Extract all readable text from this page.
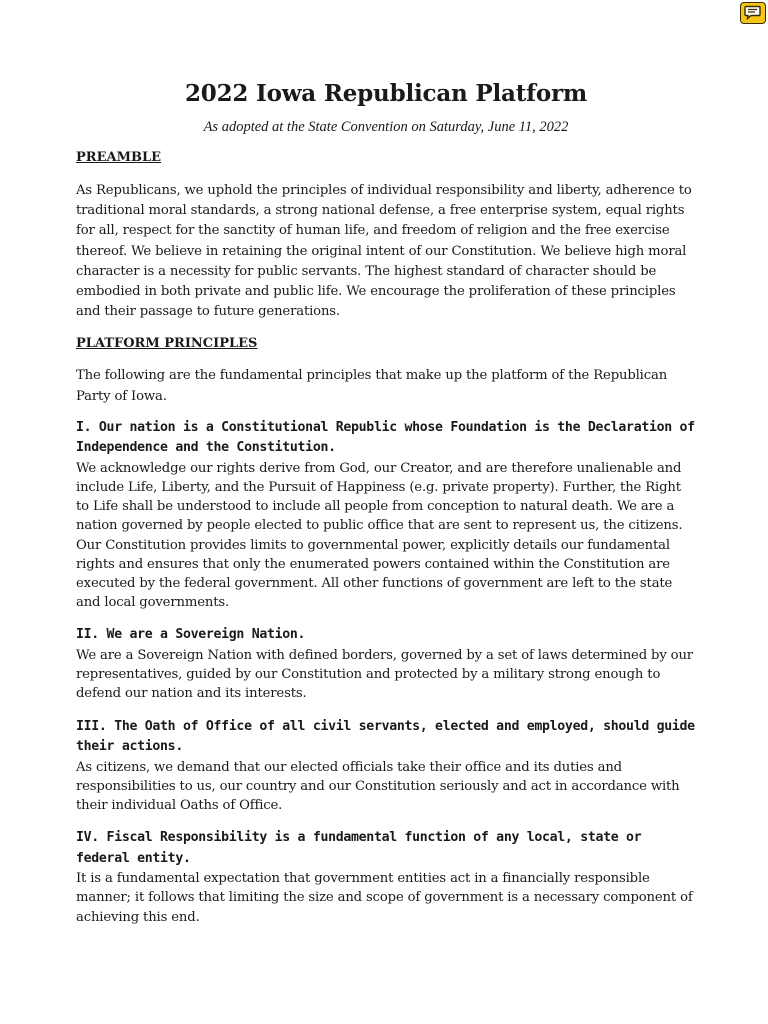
2022 Iowa Republican Platform

As adopted at the State Convention on Saturday, June 11, 2022

PREAMBLE

As Republicans, we uphold the principles of individual responsibility and liberty, adherence to traditional moral standards, a strong national defense, a free enterprise system, equal rights for all, respect for the sanctity of human life, and freedom of religion and the free exercise thereof. We believe in retaining the original intent of our Constitution. We believe high moral character is a necessity for public servants. The highest standard of character should be embodied in both private and public life. We encourage the proliferation of these principles and their passage to future generations.

PLATFORM PRINCIPLES

The following are the fundamental principles that make up the platform of the Republican Party of Iowa.

I. Our nation is a Constitutional Republic whose Foundation is the Declaration of Independence and the Constitution.

We acknowledge our rights derive from God, our Creator, and are therefore unalienable and include Life, Liberty, and the Pursuit of Happiness (e.g. private property). Further, the Right to Life shall be understood to include all people from conception to natural death. We are a nation governed by people elected to public office that are sent to represent us, the citizens. Our Constitution provides limits to governmental power, explicitly details our fundamental rights and ensures that only the enumerated powers contained within the Constitution are executed by the federal government. All other functions of government are left to the state and local governments.

II. We are a Sovereign Nation.

We are a Sovereign Nation with defined borders, governed by a set of laws determined by our representatives, guided by our Constitution and protected by a military strong enough to defend our nation and its interests.

III. The Oath of Office of all civil servants, elected and employed, should guide their actions.

As citizens, we demand that our elected officials take their office and its duties and responsibilities to us, our country and our Constitution seriously and act in accordance with their individual Oaths of Office.

IV. Fiscal Responsibility is a fundamental function of any local, state or federal entity.

It is a fundamental expectation that government entities act in a financially responsible manner; it follows that limiting the size and scope of government is a necessary component of achieving this end.
